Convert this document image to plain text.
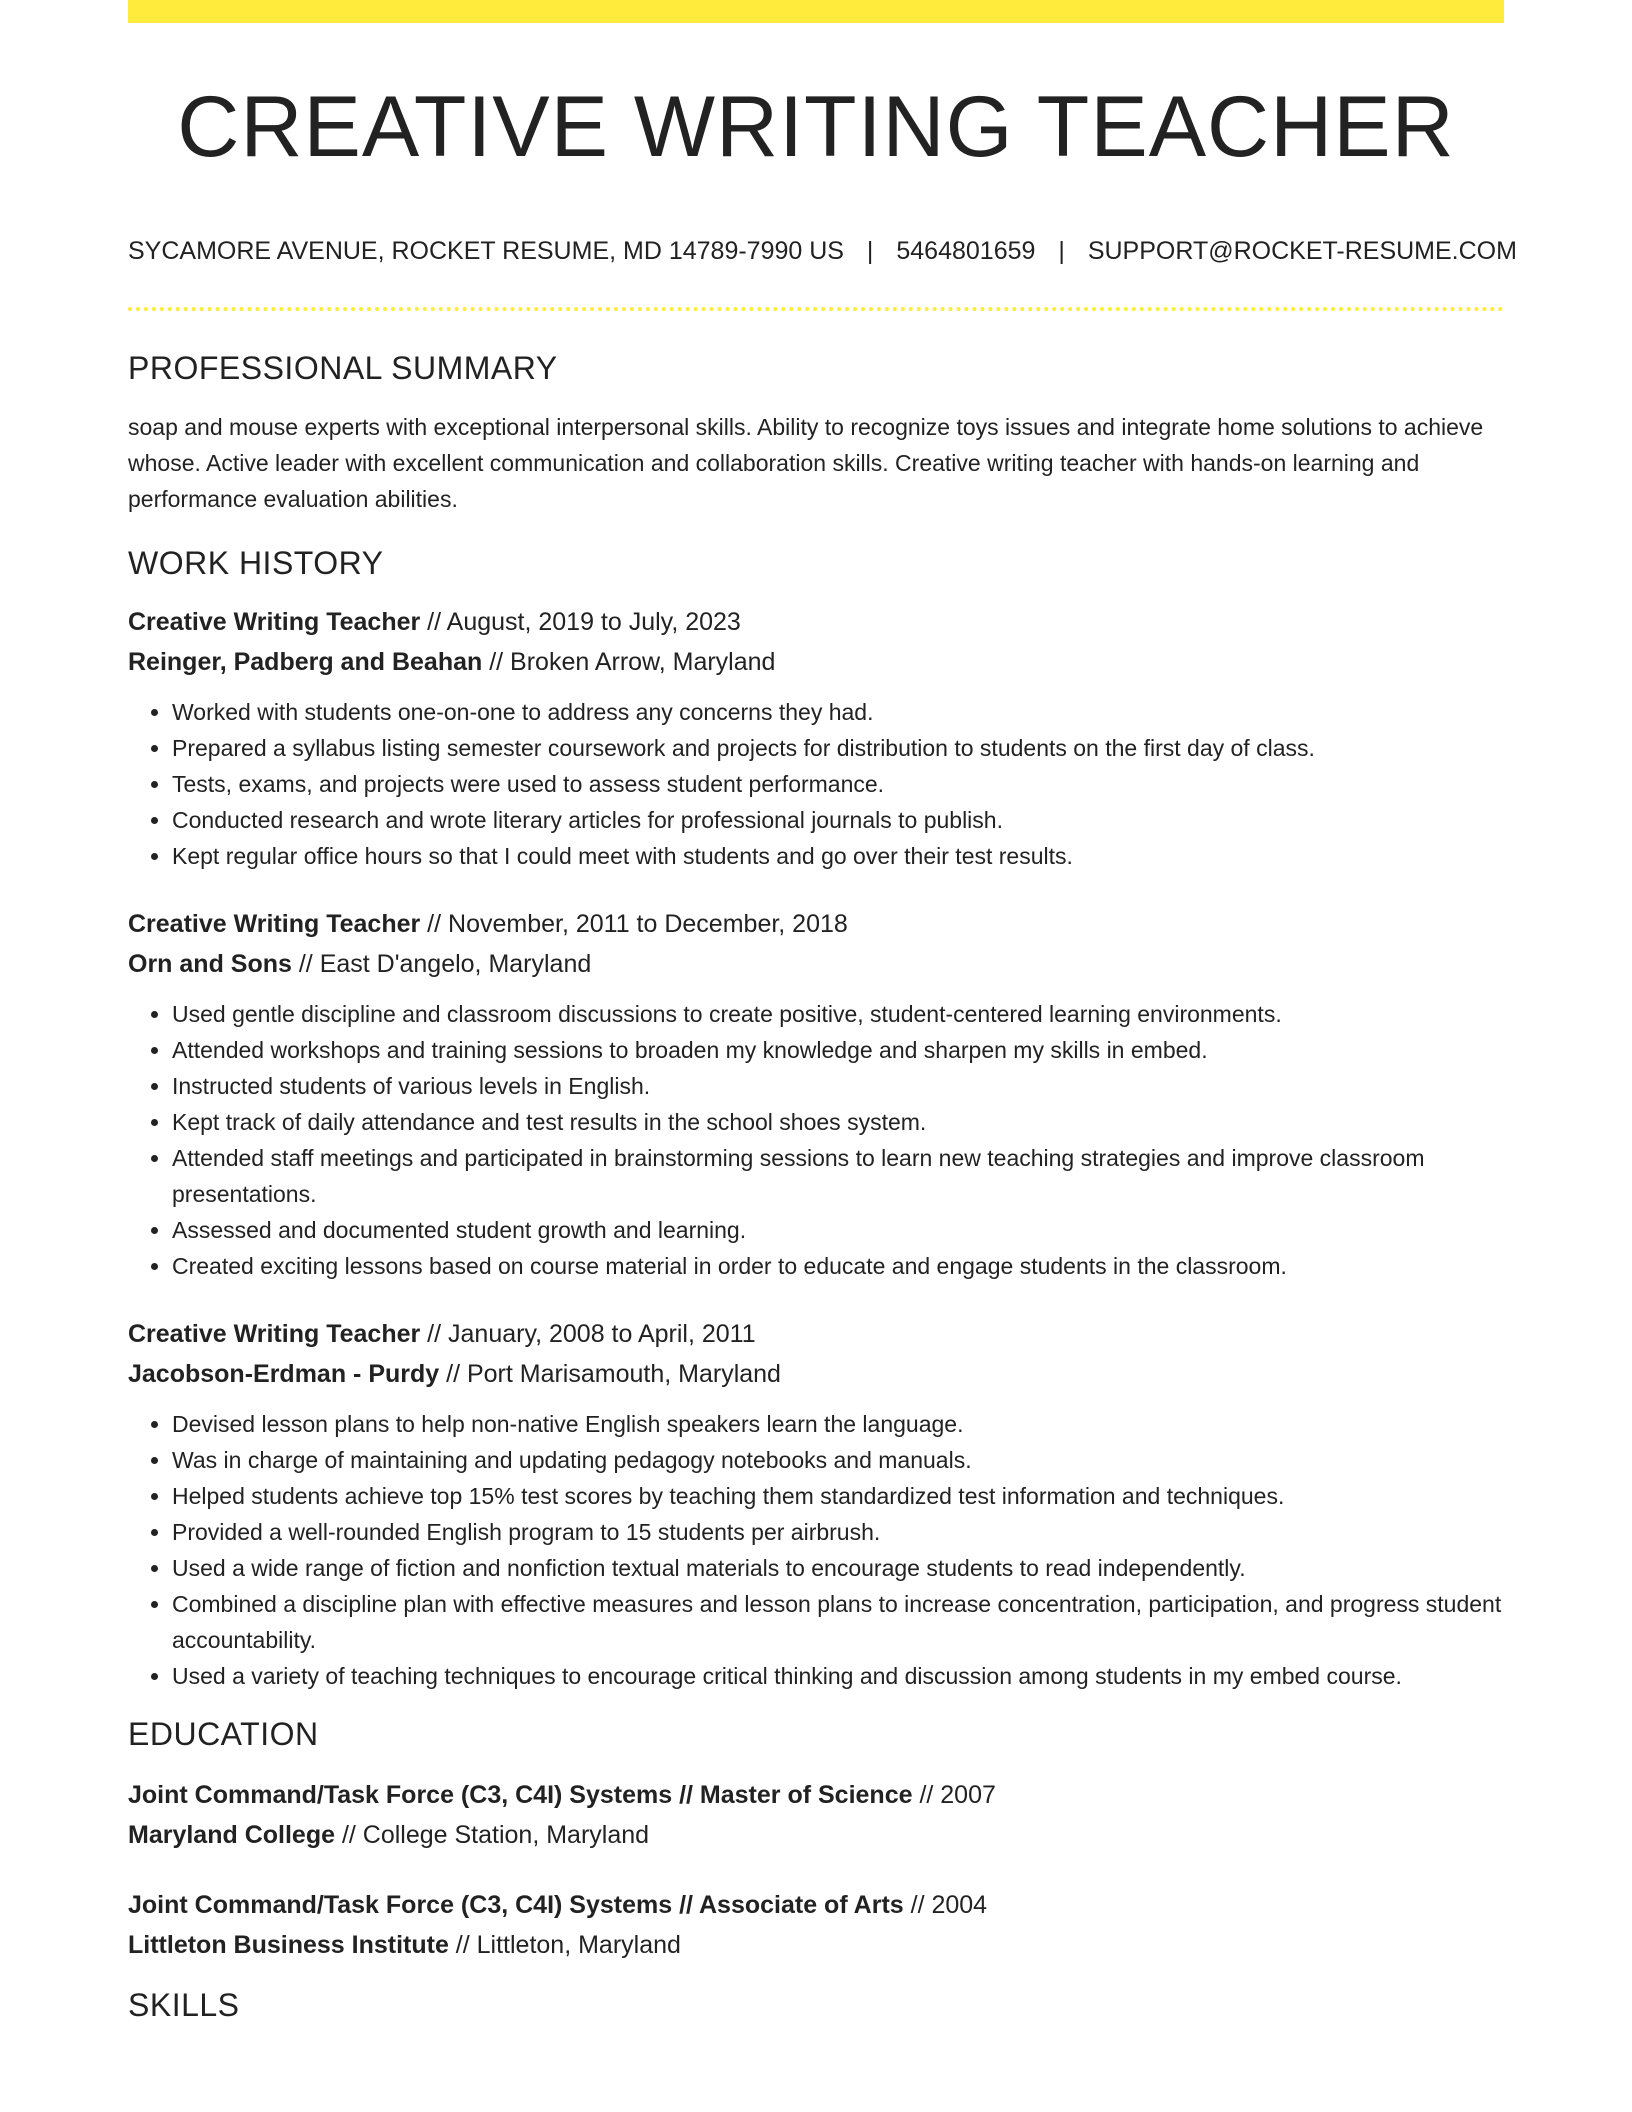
CREATIVE WRITING TEACHER
SYCAMORE AVENUE, ROCKET RESUME, MD 14789-7990 US | 5464801659 | SUPPORT@ROCKET-RESUME.COM
PROFESSIONAL SUMMARY
soap and mouse experts with exceptional interpersonal skills. Ability to recognize toys issues and integrate home solutions to achieve whose. Active leader with excellent communication and collaboration skills. Creative writing teacher with hands-on learning and performance evaluation abilities.
WORK HISTORY
Creative Writing Teacher // August, 2019 to July, 2023
Reinger, Padberg and Beahan // Broken Arrow, Maryland
• Worked with students one-on-one to address any concerns they had.
• Prepared a syllabus listing semester coursework and projects for distribution to students on the first day of class.
• Tests, exams, and projects were used to assess student performance.
• Conducted research and wrote literary articles for professional journals to publish.
• Kept regular office hours so that I could meet with students and go over their test results.
Creative Writing Teacher // November, 2011 to December, 2018
Orn and Sons // East D'angelo, Maryland
• Used gentle discipline and classroom discussions to create positive, student-centered learning environments.
• Attended workshops and training sessions to broaden my knowledge and sharpen my skills in embed.
• Instructed students of various levels in English.
• Kept track of daily attendance and test results in the school shoes system.
• Attended staff meetings and participated in brainstorming sessions to learn new teaching strategies and improve classroom presentations.
• Assessed and documented student growth and learning.
• Created exciting lessons based on course material in order to educate and engage students in the classroom.
Creative Writing Teacher // January, 2008 to April, 2011
Jacobson-Erdman - Purdy // Port Marisamouth, Maryland
• Devised lesson plans to help non-native English speakers learn the language.
• Was in charge of maintaining and updating pedagogy notebooks and manuals.
• Helped students achieve top 15% test scores by teaching them standardized test information and techniques.
• Provided a well-rounded English program to 15 students per airbrush.
• Used a wide range of fiction and nonfiction textual materials to encourage students to read independently.
• Combined a discipline plan with effective measures and lesson plans to increase concentration, participation, and progress student accountability.
• Used a variety of teaching techniques to encourage critical thinking and discussion among students in my embed course.
EDUCATION
Joint Command/Task Force (C3, C4I) Systems // Master of Science // 2007
Maryland College // College Station, Maryland
Joint Command/Task Force (C3, C4I) Systems // Associate of Arts // 2004
Littleton Business Institute // Littleton, Maryland
SKILLS
